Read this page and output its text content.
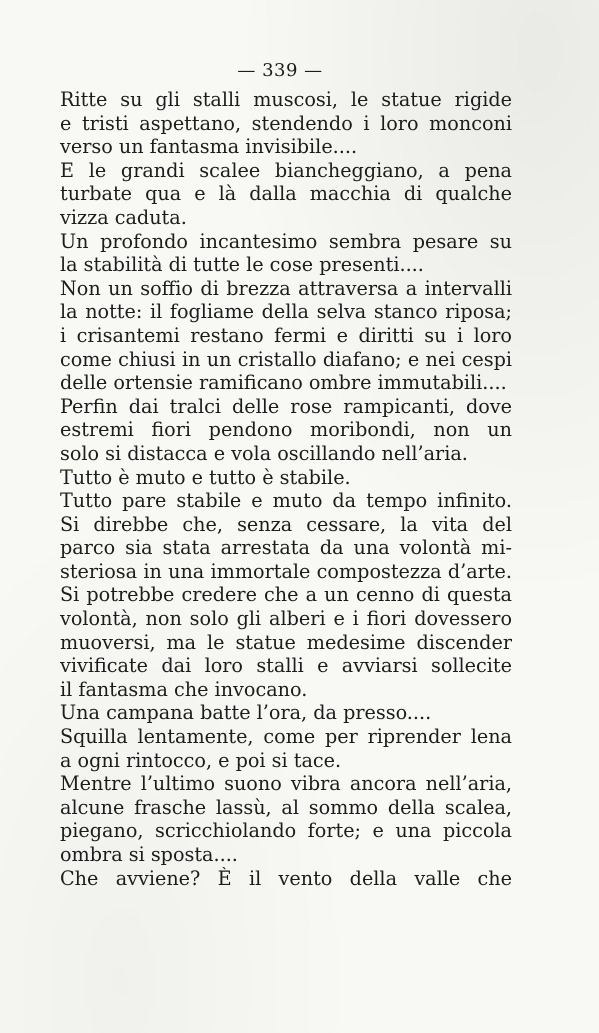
— 339 —
Ritte su gli stalli muscosi, le statue rigide
e tristi aspettano, stendendo i loro monconi
verso un fantasma invisibile....
E le grandi scalee biancheggiano, a pena
turbate qua e là dalla macchia di qualche
vizza caduta.
Un profondo incantesimo sembra pesare su
la stabilità di tutte le cose presenti....
Non un soffio di brezza attraversa a intervalli
la notte: il fogliame della selva stanco riposa;
i crisantemi restano fermi e diritti su i loro
come chiusi in un cristallo diafano; e nei cespi
delle ortensie ramificano ombre immutabili....
Perfin dai tralci delle rose rampicanti, dove
estremi fiori pendono moribondi, non un
solo si distacca e vola oscillando nell’aria.
Tutto è muto e tutto è stabile.
Tutto pare stabile e muto da tempo infinito.
Si direbbe che, senza cessare, la vita del
parco sia stata arrestata da una volontà mi-
steriosa in una immortale compostezza d’arte.
Si potrebbe credere che a un cenno di questa
volontà, non solo gli alberi e i fiori dovessero
muoversi, ma le statue medesime discender
vivificate dai loro stalli e avviarsi sollecite
il fantasma che invocano.
Una campana batte l’ora, da presso....
Squilla lentamente, come per riprender lena
a ogni rintocco, e poi si tace.
Mentre l’ultimo suono vibra ancora nell’aria,
alcune frasche lassù, al sommo della scalea,
piegano, scricchiolando forte; e una piccola
ombra si sposta....
Che avviene? È il vento della valle che
